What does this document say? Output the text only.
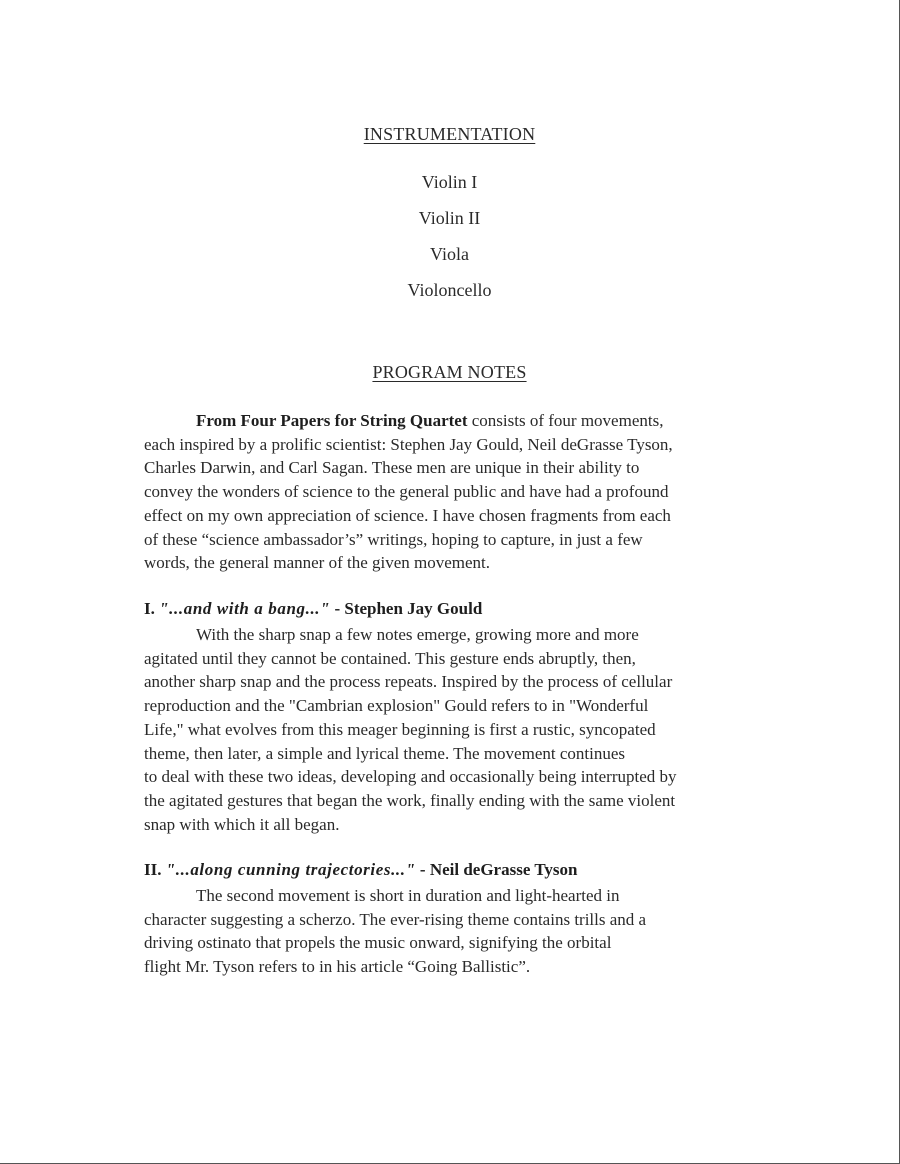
INSTRUMENTATION
Violin I
Violin II
Viola
Violoncello
PROGRAM NOTES
From Four Papers for String Quartet consists of four movements,
each inspired by a prolific scientist: Stephen Jay Gould, Neil deGrasse Tyson,
Charles Darwin, and Carl Sagan. These men are unique in their ability to
convey the wonders of science to the general public and have had a profound
effect on my own appreciation of science. I have chosen fragments from each
of these “science ambassador’s” writings, hoping to capture, in just a few
words, the general manner of the given movement.
I. "...and with a bang..." - Stephen Jay Gould
With the sharp snap a few notes emerge, growing more and more
agitated until they cannot be contained. This gesture ends abruptly, then,
another sharp snap and the process repeats. Inspired by the process of cellular
reproduction and the "Cambrian explosion" Gould refers to in "Wonderful
Life," what evolves from this meager beginning is first a rustic, syncopated
theme, then later, a simple and lyrical theme. The movement continues
to deal with these two ideas, developing and occasionally being interrupted by
the agitated gestures that began the work, finally ending with the same violent
snap with which it all began.
II. "...along cunning trajectories..." - Neil deGrasse Tyson
The second movement is short in duration and light-hearted in
character suggesting a scherzo. The ever-rising theme contains trills and a
driving ostinato that propels the music onward, signifying the orbital
flight Mr. Tyson refers to in his article “Going Ballistic”.
